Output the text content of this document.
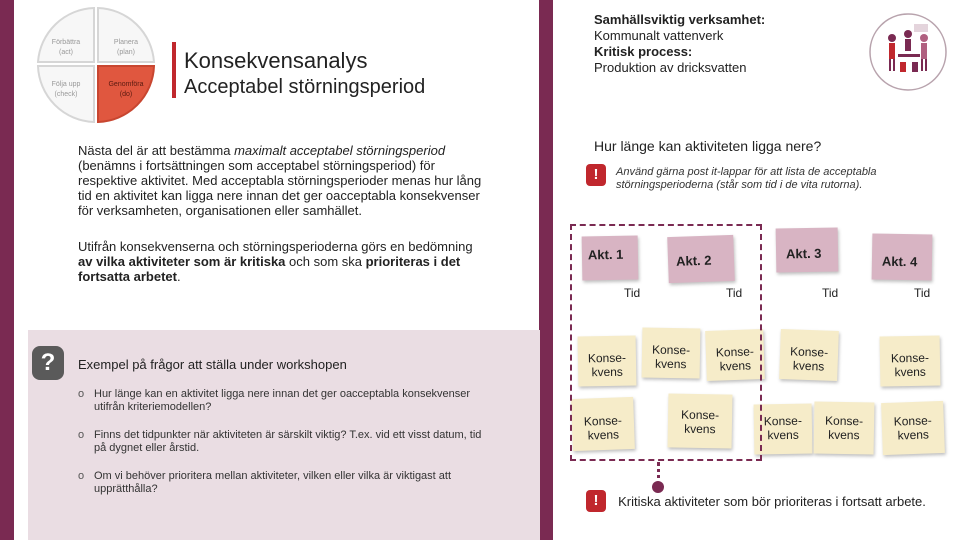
Förbättra
(act)
Planera
(plan)
Följa upp
(check)
Genomföra
(do)
Konsekvensanalys
Acceptabel störningsperiod
Nästa del är att bestämma maximalt acceptabel störningsperiod (benämns i fortsättningen som acceptabel störningsperiod) för respektive aktivitet. Med acceptabla störningsperioder menas hur lång tid en aktivitet kan ligga nere innan det ger oacceptabla konsekvenser för verksamheten, organisationen eller samhället.
Utifrån konsekvenserna och störningsperioderna görs en bedömning av vilka aktiviteter som är kritiska och som ska prioriteras i det fortsatta arbetet.
?	Exempel på frågor att ställa under workshopen
o Hur länge kan en aktivitet ligga nere innan det ger oacceptabla konsekvenser utifrån kriteriemodellen?
o Finns det tidpunkter när aktiviteten är särskilt viktig? T.ex. vid ett visst datum, tid på dygnet eller årstid.
o Om vi behöver prioritera mellan aktiviteter, vilken eller vilka är viktigast att upprätthålla?
Samhällsviktig verksamhet:
Kommunalt vattenverk
Kritisk process:
Produktion av dricksvatten
Hur länge kan aktiviteten ligga nere?
!	Använd gärna post it-lappar för att lista de acceptabla störningsperioderna (står som tid i de vita rutorna).
Akt. 1	Akt. 2	Akt. 3
Akt. 4
Tid	Tid	Tid	Tid
Konse-
kvens
Konse-
kvens
Konse-
kvens
Konse-
kvens
Konse-
kvens
Konse-
kvens
Konse-
kvens
Konse-
kvens
Konse-
kvens
Konse-
kvens
!	Kritiska aktiviteter som bör prioriteras i fortsatt arbete.
